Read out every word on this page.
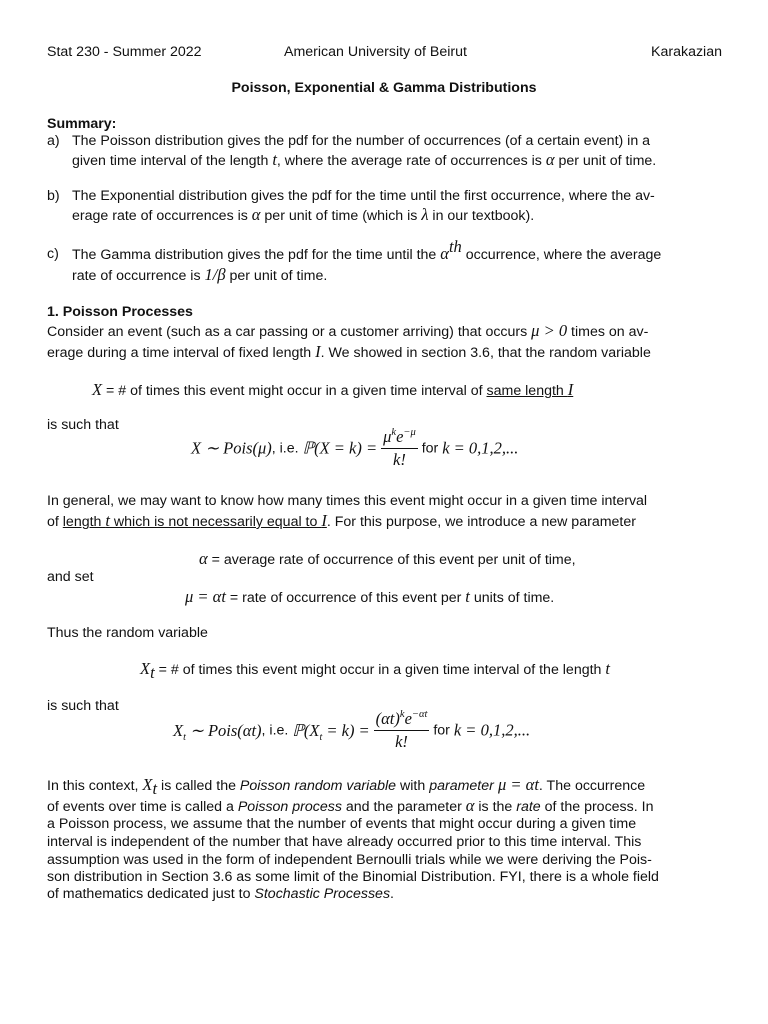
Stat 230 - Summer 2022	American University of Beirut	Karakazian
Poisson, Exponential & Gamma Distributions
Summary:
a) The Poisson distribution gives the pdf for the number of occurrences (of a certain event) in a
given time interval of the length t, where the average rate of occurrences is α per unit of time.
b) The Exponential distribution gives the pdf for the time until the first occurrence, where the av-
erage rate of occurrences is α per unit of time (which is λ in our textbook).
c) The Gamma distribution gives the pdf for the time until the $\alpha^{th}$ occurrence, where the average
rate of occurrence is 1/β per unit of time.
1. Poisson Processes
Consider an event (such as a car passing or a customer arriving) that occurs μ > 0 times on av-
erage during a time interval of fixed length I. We showed in section 3.6, that the random variable
X = # of times this event might occur in a given time interval of same length I
is such that
X ∼ Pois(μ), i.e. ℙ(X = $k) = \frac{\mu^ke^{-\mu}}{k!}$ for k = 0,1,2,...
In general, we may want to know how many times this event might occur in a given time interval
of length t which is not necessarily equal to I. For this purpose, we introduce a new parameter
α = average rate of occurrence of this event per unit of time,
and set
μ = αt = rate of occurrence of this event per t units of time.
Thus the random variable
$X_t$ = # of times this event might occur in a given time interval of the length t
is such that
$X_t$ ∼ Pois(αt), i.e. $ℙ(X_t = k) = \frac{(\alpha t)^ke^{-\alpha t}}{k!}$ for k = 0,1,2,...
In this context, $X_t$ is called the Poisson random variable with parameter μ = αt. The occurrence
of events over time is called a Poisson process and the parameter α is the rate of the process. In
a Poisson process, we assume that the number of events that might occur during a given time
interval is independent of the number that have already occurred prior to this time interval. This
assumption was used in the form of independent Bernoulli trials while we were deriving the Pois-
son distribution in Section 3.6 as some limit of the Binomial Distribution. FYI, there is a whole field
of mathematics dedicated just to Stochastic Processes.
